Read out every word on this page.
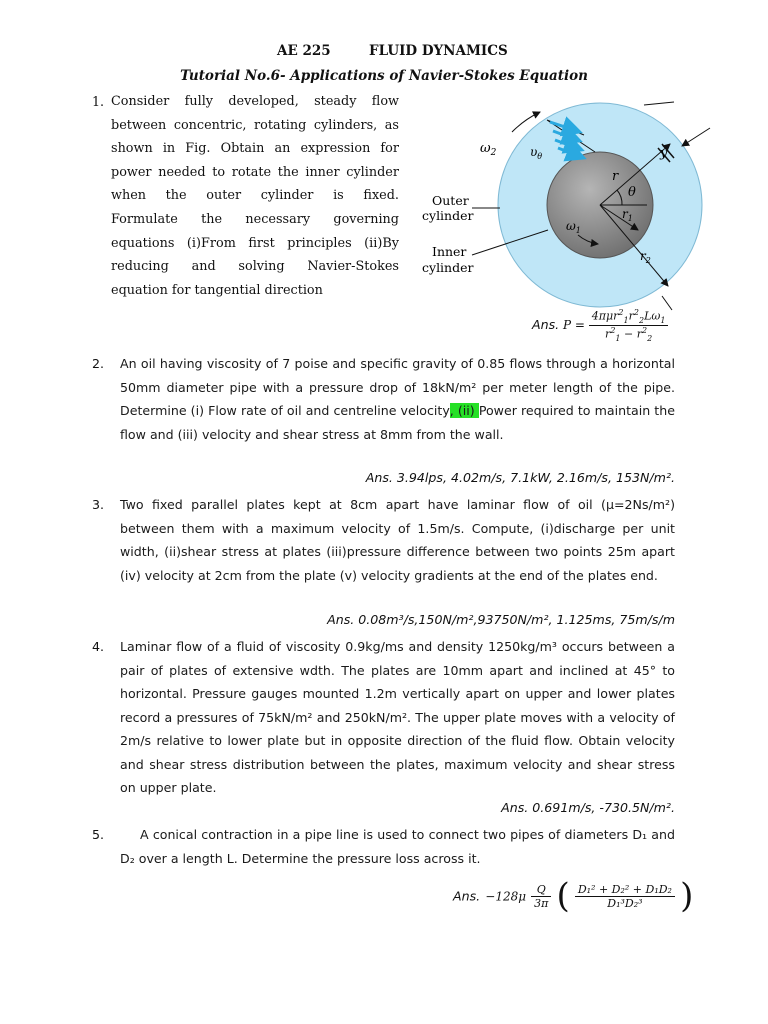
AE 225	FLUID DYNAMICS
Tutorial No.6- Applications of Navier-Stokes Equation
1. Consider fully developed, steady flow
between concentric, rotating cylinders, as
shown in Fig. Obtain an expression for
power needed to rotate the inner cylinder
when the outer cylinder is fixed.
Formulate the necessary governing
equations (i)From first principles (ii)By
reducing and solving Navier-Stokes
equation for tangential direction
$\omega_2$	$\upsilon_\theta$	y
r
θ
$r_1$
$r_2$
$\omega_1$
Outer
cylinder
Inner
cylinder
Ans. $P = \frac{4\pi\mu r^2_1r^2_2L\omega_1}{r^2_1 - r^2_2}$
2. An oil having viscosity of 7 poise and specific gravity of 0.85 flows through a horizontal 50mm diameter pipe with a pressure drop of 18kN/m² per meter length of the pipe. Determine (i) Flow rate of oil and centreline velocity, (ii) Power required to maintain the flow and (iii) velocity and shear stress at 8mm from the wall.
Ans. 3.94lps, 4.02m/s, 7.1kW, 2.16m/s, 153N/m².
3. Two fixed parallel plates kept at 8cm apart have laminar flow of oil (μ=2Ns/m²) between them with a maximum velocity of 1.5m/s. Compute, (i)discharge per unit width, (ii)shear stress at plates (iii)pressure difference between two points 25m apart (iv) velocity at 2cm from the plate (v) velocity gradients at the end of the plates end.
Ans. 0.08m³/s,150N/m²,93750N/m², 1.125ms, 75m/s/m
4. Laminar flow of a fluid of viscosity 0.9kg/ms and density 1250kg/m³ occurs between a pair of plates of extensive wdth. The plates are 10mm apart and inclined at 45° to horizontal. Pressure gauges mounted 1.2m vertically apart on upper and lower plates record a pressures of 75kN/m² and 250kN/m². The upper plate moves with a velocity of 2m/s relative to lower plate but in opposite direction of the fluid flow. Obtain velocity and shear stress distribution between the plates, maximum velocity and shear stress on upper plate.
Ans. 0.691m/s, -730.5N/m².
5.	A conical contraction in a pipe line is used to connect two pipes of diameters D₁ and D₂ over a length L. Determine the pressure loss across it.
Ans. $-128\mu \frac{Q}{3\pi}$ ( $\frac{\text{D₁² + D₂² + D₁D₂}}{\text{D₁³D₂³}}$ )
